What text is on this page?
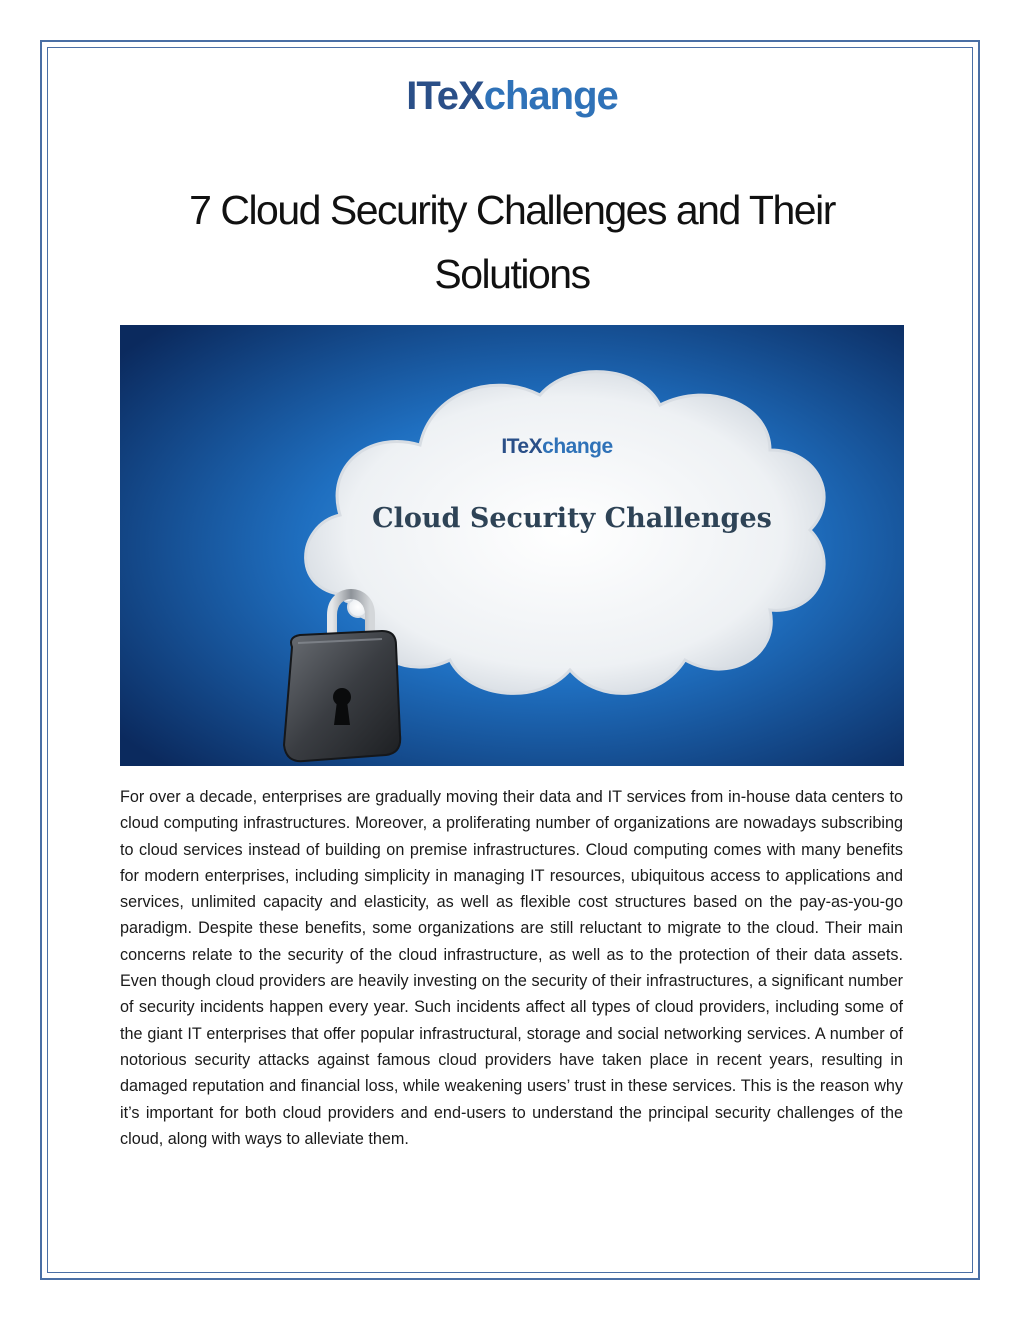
ITeXchange
7 Cloud Security Challenges and Their
Solutions
ITeXchange
Cloud Security Challenges

For over a decade, enterprises are gradually moving their data and IT services from in-house data centers to cloud computing infrastructures. Moreover, a proliferating number of organizations are nowadays subscribing to cloud services instead of building on premise infrastructures. Cloud computing comes with many benefits for modern enterprises, including simplicity in managing IT resources, ubiquitous access to applications and services, unlimited capacity and elasticity, as well as flexible cost structures based on the pay-as-you-go paradigm. Despite these benefits, some organizations are still reluctant to migrate to the cloud. Their main concerns relate to the security of the cloud infrastructure, as well as to the protection of their data assets. Even though cloud providers are heavily investing on the security of their infrastructures, a significant number of security incidents happen every year. Such incidents affect all types of cloud providers, including some of the giant IT enterprises that offer popular infrastructural, storage and social networking services. A number of notorious security attacks against famous cloud providers have taken place in recent years, resulting in damaged reputation and financial loss, while weakening users’ trust in these services. This is the reason why it’s important for both cloud providers and end-users to understand the principal security challenges of the cloud, along with ways to alleviate them.
